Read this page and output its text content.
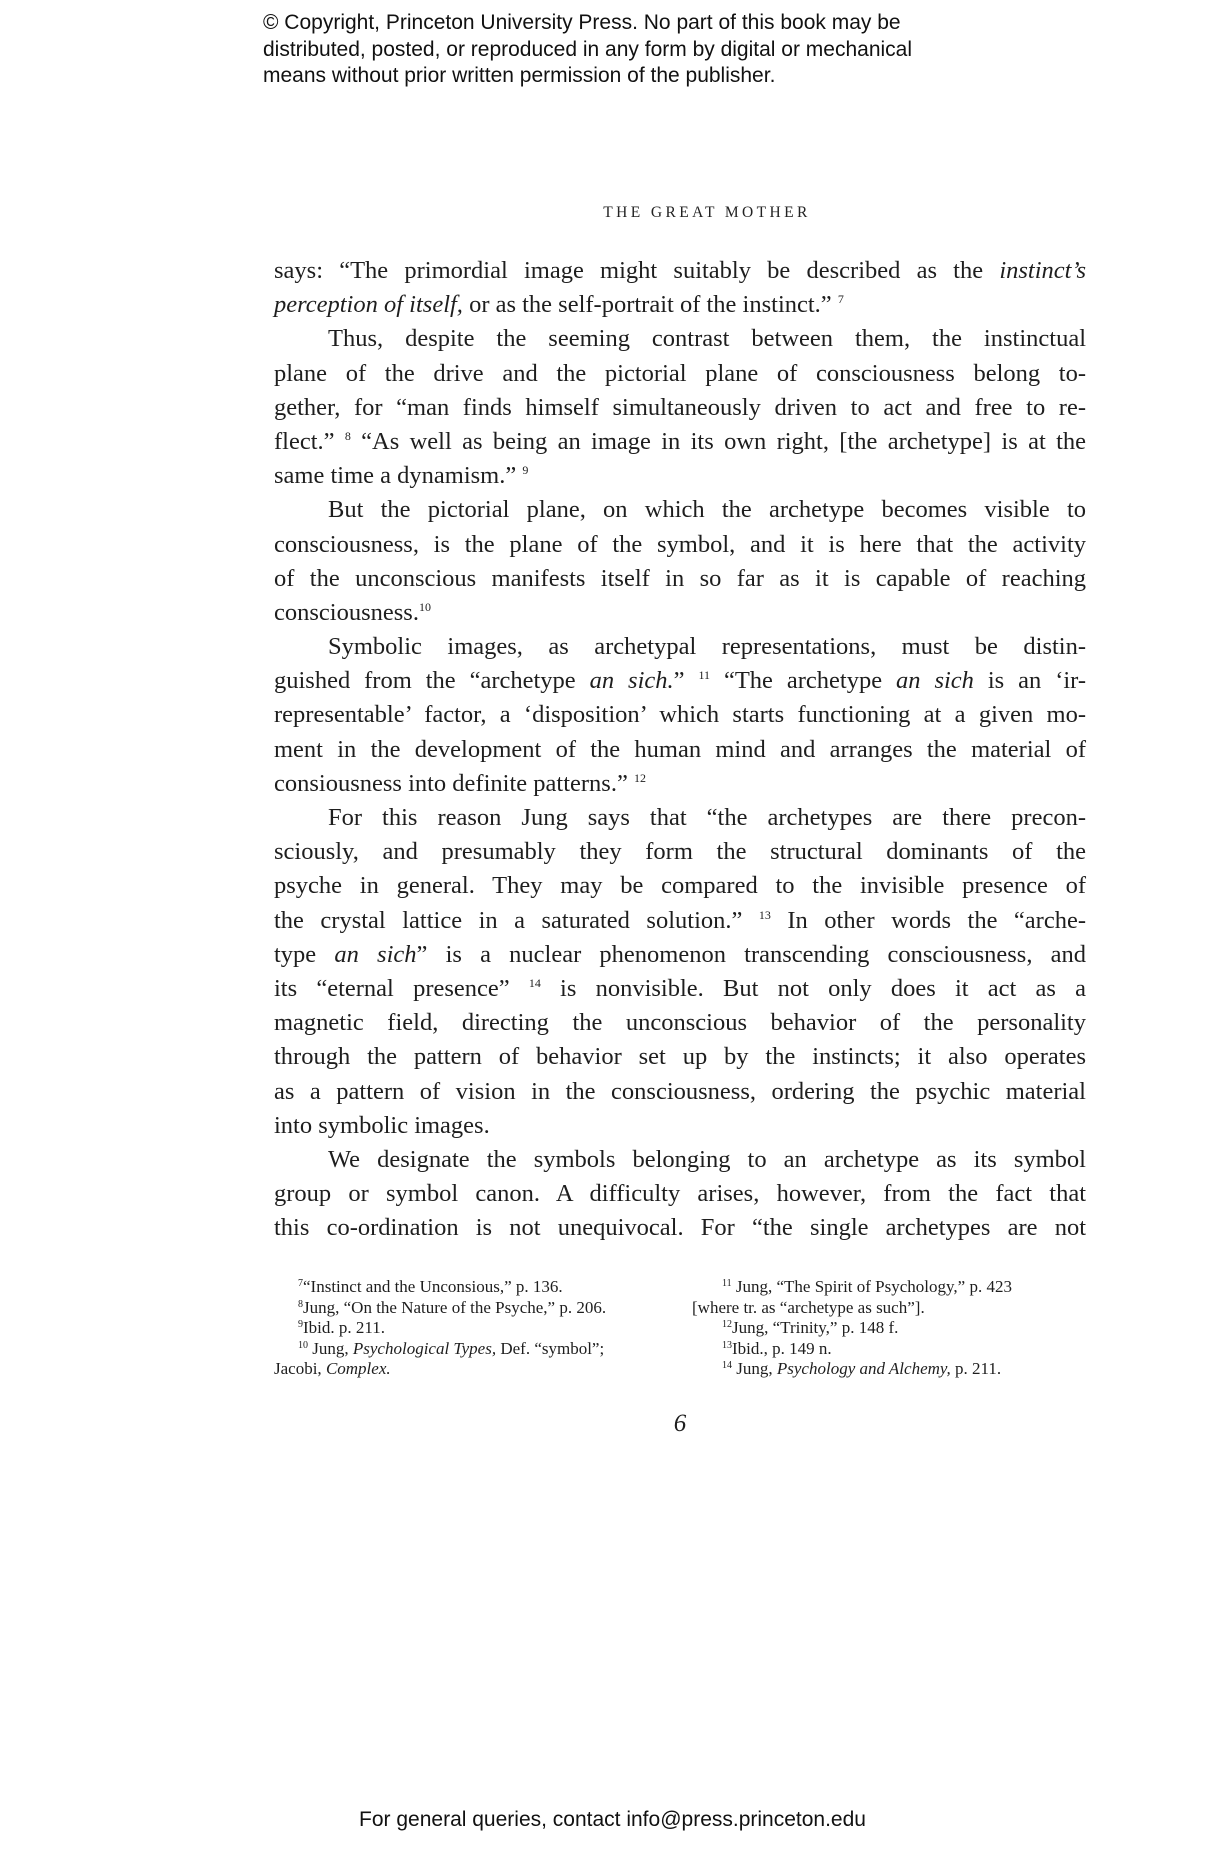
© Copyright, Princeton University Press. No part of this book may be
distributed, posted, or reproduced in any form by digital or mechanical
means without prior written permission of the publisher.
THE GREAT MOTHER
says: “The primordial image might suitably be described as the instinct’s
perception of itself, or as the self-portrait of the instinct.” $^7$
Thus, despite the seeming contrast between them, the instinctual
plane of the drive and the pictorial plane of consciousness belong to-
gether, for “man finds himself simultaneously driven to act and free to re-
flect.” $^8$ “As well as being an image in its own right, [the archetype] is at the
same time a dynamism.” $^9$
But the pictorial plane, on which the archetype becomes visible to
consciousness, is the plane of the symbol, and it is here that the activity
of the unconscious manifests itself in so far as it is capable of reaching
consciousness.$^{10}$
Symbolic images, as archetypal representations, must be distin-
guished from the “archetype an sich.” $^{11}$ “The archetype an sich is an ‘ir-
representable’ factor, a ‘disposition’ which starts functioning at a given mo-
ment in the development of the human mind and arranges the material of
consiousness into definite patterns.” $^{12}$
For this reason Jung says that “the archetypes are there precon-
sciously, and presumably they form the structural dominants of the
psyche in general. They may be compared to the invisible presence of
the crystal lattice in a saturated solution.” $^{13}$ In other words the “arche-
type an sich” is a nuclear phenomenon transcending consciousness, and
its “eternal presence” $^{14}$ is nonvisible. But not only does it act as a
magnetic field, directing the unconscious behavior of the personality
through the pattern of behavior set up by the instincts; it also operates
as a pattern of vision in the consciousness, ordering the psychic material
into symbolic images.
We designate the symbols belonging to an archetype as its symbol
group or symbol canon. A difficulty arises, however, from the fact that
this co-ordination is not unequivocal. For “the single archetypes are not
$^7$“Instinct and the Unconsious,” p. 136.
$^8$Jung, “On the Nature of the Psyche,” p. 206.
$^9$Ibid. p. 211.
$^{10}$ Jung, Psychological Types, Def. “symbol”;
Jacobi, Complex.
$^{11}$ Jung, “The Spirit of Psychology,” p. 423
[where tr. as “archetype as such”].
$^{12}$Jung, “Trinity,” p. 148 f.
$^{13}$Ibid., p. 149 n.
$^{14}$ Jung, Psychology and Alchemy, p. 211.
6
For general queries, contact info@press.princeton.edu
